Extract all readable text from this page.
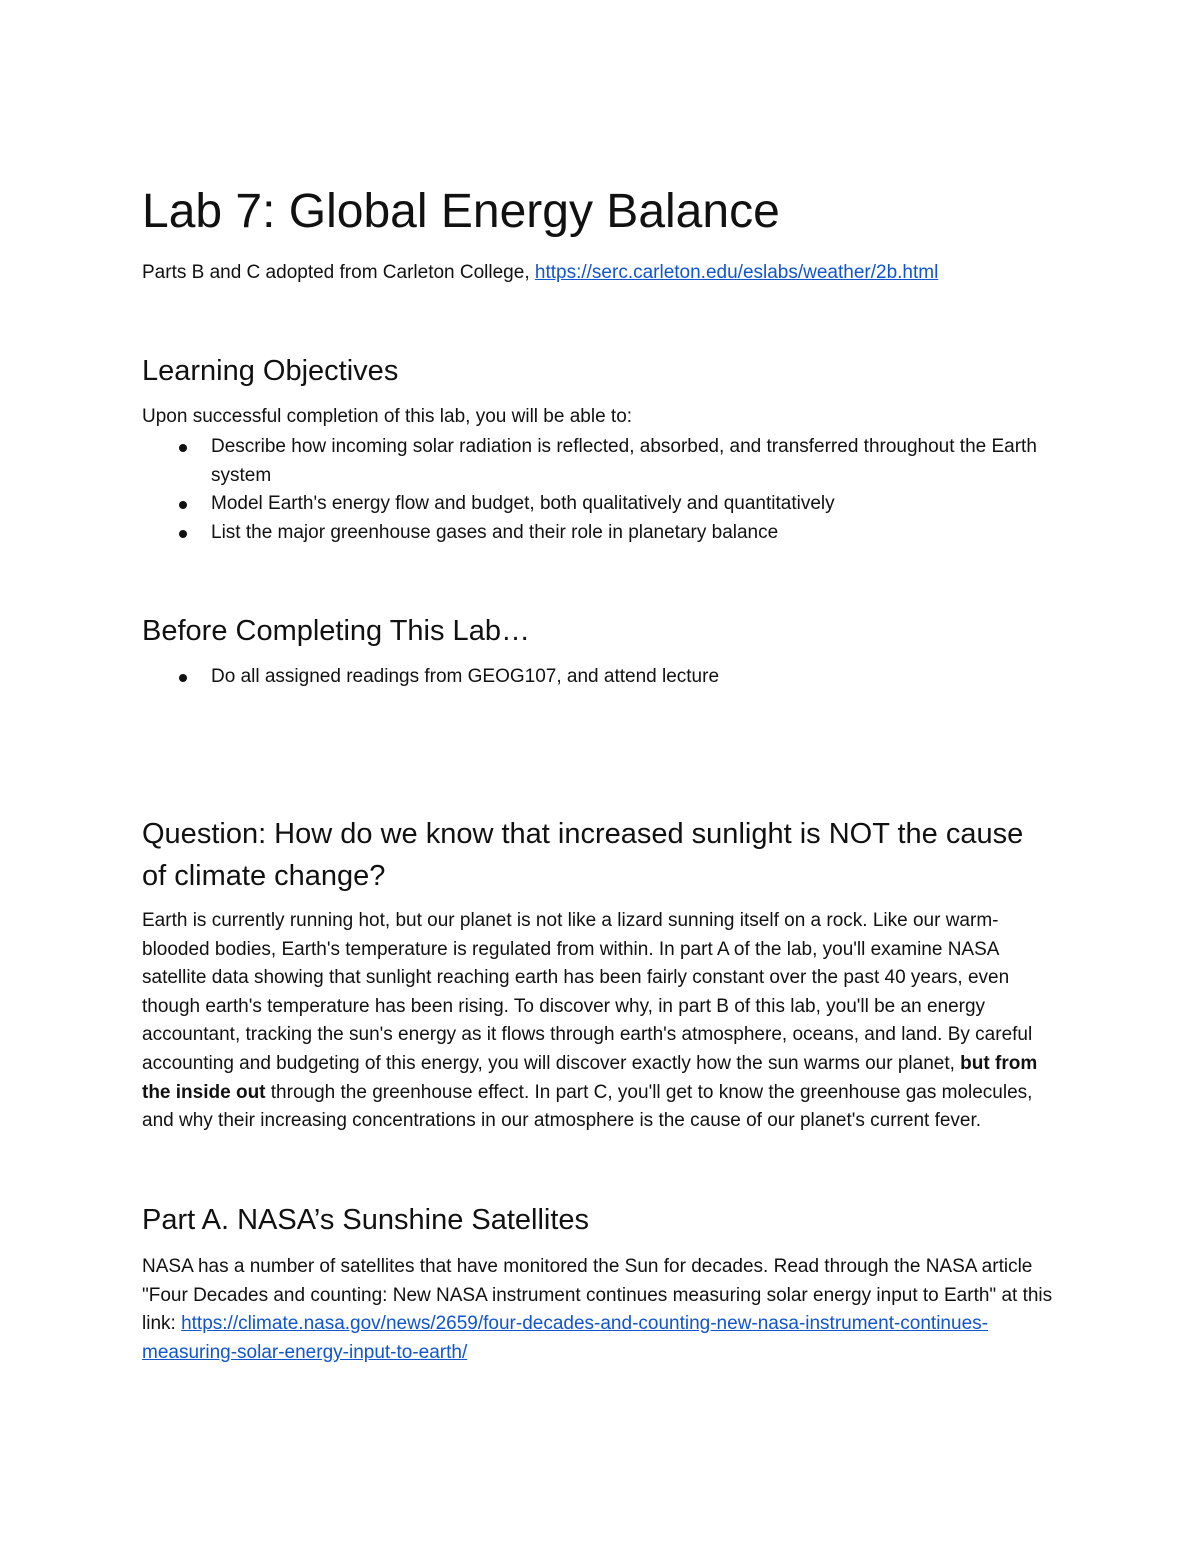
Lab 7: Global Energy Balance

Parts B and C adopted from Carleton College, https://serc.carleton.edu/eslabs/weather/2b.html

Learning Objectives

Upon successful completion of this lab, you will be able to:

Describe how incoming solar radiation is reflected, absorbed, and transferred throughout the Earth system
Model Earth's energy flow and budget, both qualitatively and quantitatively
List the major greenhouse gases and their role in planetary balance
Before Completing This Lab…
Do all assigned readings from GEOG107, and attend lecture
Question: How do we know that increased sunlight is NOT the cause of climate change?

Earth is currently running hot, but our planet is not like a lizard sunning itself on a rock. Like our warm-blooded bodies, Earth's temperature is regulated from within. In part A of the lab, you'll examine NASA satellite data showing that sunlight reaching earth has been fairly constant over the past 40 years, even though earth's temperature has been rising. To discover why, in part B of this lab, you'll be an energy accountant, tracking the sun's energy as it flows through earth's atmosphere, oceans, and land. By careful accounting and budgeting of this energy, you will discover exactly how the sun warms our planet, but from the inside out through the greenhouse effect. In part C, you'll get to know the greenhouse gas molecules, and why their increasing concentrations in our atmosphere is the cause of our planet's current fever.

Part A. NASA’s Sunshine Satellites

NASA has a number of satellites that have monitored the Sun for decades. Read through the NASA article "Four Decades and counting: New NASA instrument continues measuring solar energy input to Earth" at this link: https://climate.nasa.gov/news/2659/four-decades-and-counting-new-nasa-instrument-continues-measuring-solar-energy-input-to-earth/
